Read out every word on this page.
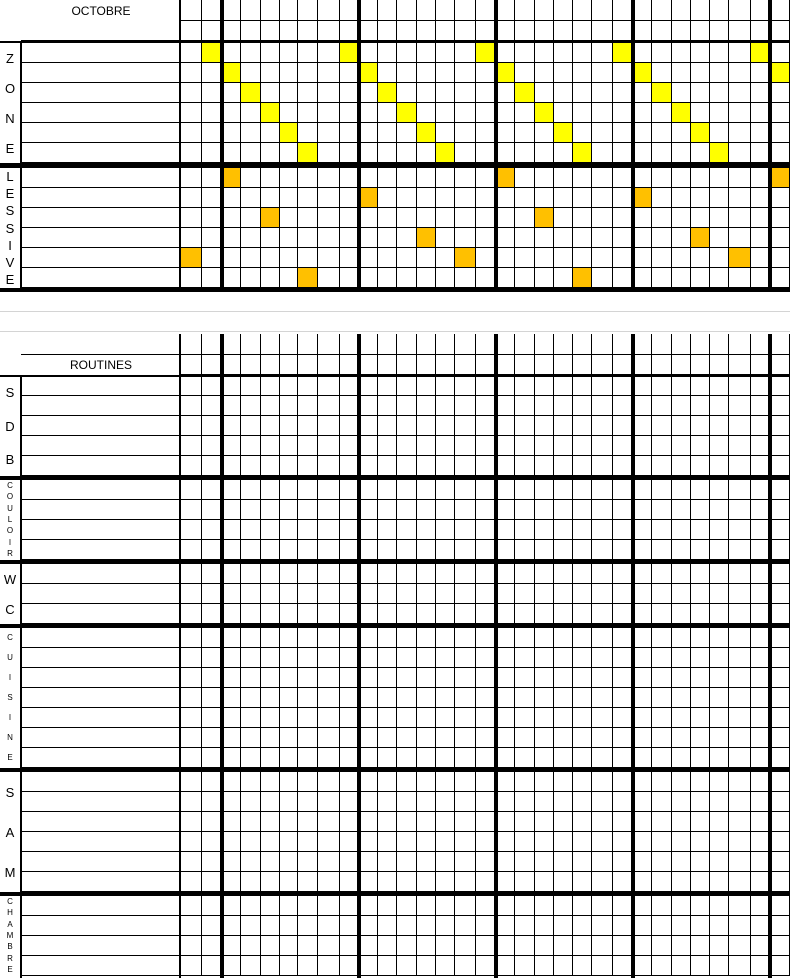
OCTOBRE
ROUTINES
Z
O
N
E
L
E
S
S
I
V
E
S
D
B
C
O
U
L
O
I
R
W
C
C
U
I
S
I
N
E
S
A
M
C
H
A
M
B
R
E
